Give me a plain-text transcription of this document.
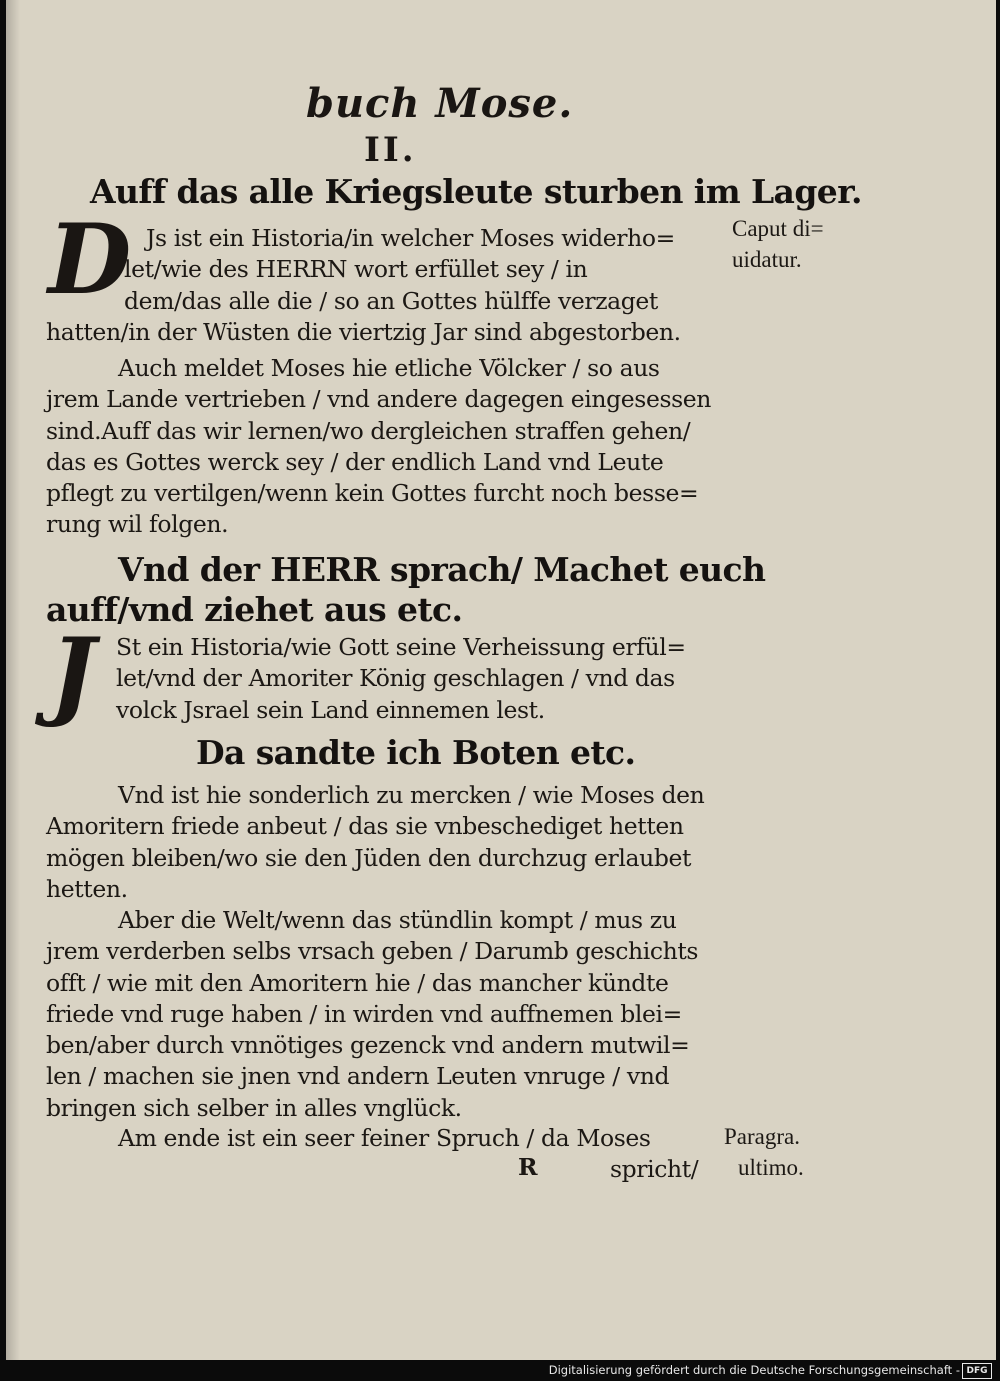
buch Mose.
II.
Auff das alle Kriegsleute sturben im Lager.
D Js ist ein Historia/in welcher Moses widerho=
let/wie des HERRN wort erfüllet sey / in
dem/das alle die / so an Gottes hülffe verzaget
hatten/in der Wüsten die viertzig Jar sind abgestorben.
Auch meldet Moses hie etliche Völcker / so aus
jrem Lande vertrieben / vnd andere dagegen eingesessen
sind.Auff das wir lernen/wo dergleichen straffen gehen/
das es Gottes werck sey / der endlich Land vnd Leute
pflegt zu vertilgen/wenn kein Gottes furcht noch besse=
rung wil folgen.
Vnd der HERR sprach/ Machet euch
auff/vnd ziehet aus etc.
J St ein Historia/wie Gott seine Verheissung erfül=
let/vnd der Amoriter König geschlagen / vnd das
volck Jsrael sein Land einnemen lest.
Da sandte ich Boten etc.
Vnd ist hie sonderlich zu mercken / wie Moses den
Amoritern friede anbeut / das sie vnbeschediget hetten
mögen bleiben/wo sie den Jüden den durchzug erlaubet
hetten.
Aber die Welt/wenn das stündlin kompt / mus zu
jrem verderben selbs vrsach geben / Darumb geschichts
offt / wie mit den Amoritern hie / das mancher kündte
friede vnd ruge haben / in wirden vnd auffnemen blei=
ben/aber durch vnnötiges gezenck vnd andern mutwil=
len / machen sie jnen vnd andern Leuten vnruge / vnd
bringen sich selber in alles vnglück.
Am ende ist ein seer feiner Spruch / da Moses
R	spricht/
Caput di=
uidatur.
Paragra.
ultimo.
Digitalisierung gefördert durch die Deutsche Forschungsgemeinschaft - DFG
